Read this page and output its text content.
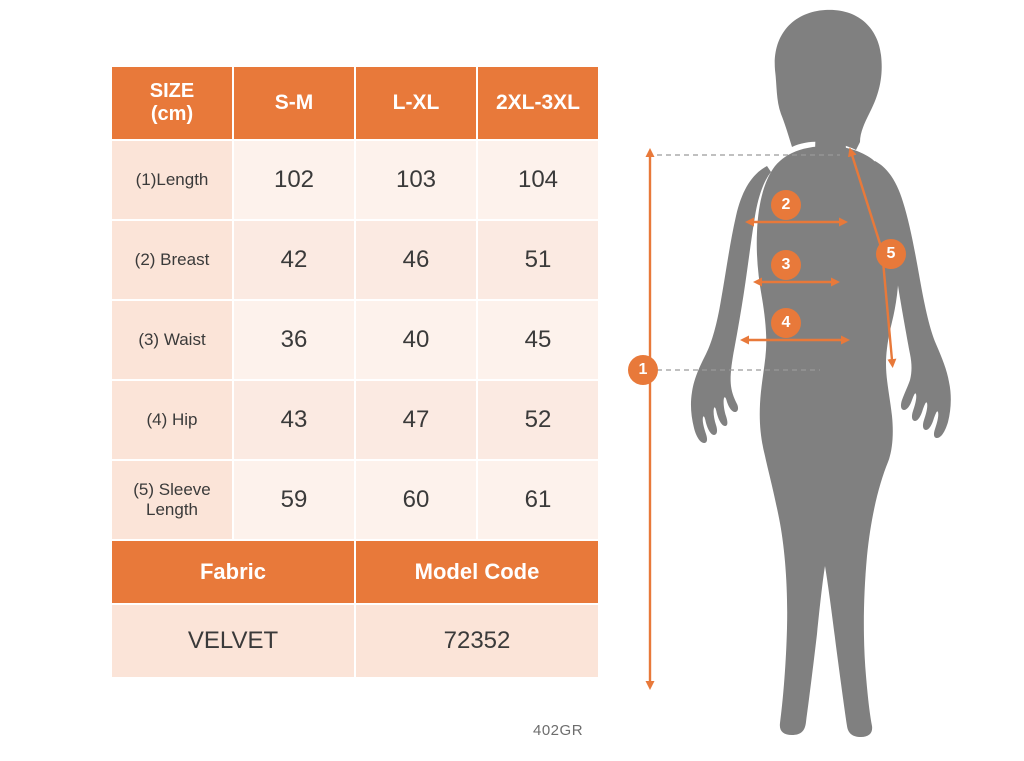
SIZE
(cm)	S-M	L-XL	2XL-3XL
(1)Length	102	103	104
(2) Breast	42	46	51
(3) Waist	36	40	45
(4) Hip	43	47	52
(5) Sleeve Length	59	60	61
Fabric		Model Code	
VELVET		72352	
402GR
1
2
3
4
5
